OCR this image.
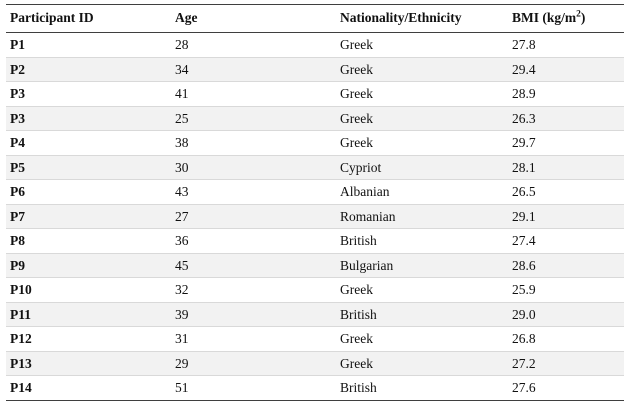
Participant ID	Age	Nationality/Ethnicity	BMI $(kg/m^2)$
P1	28	Greek	27.8
P2	34	Greek	29.4
P3	41	Greek	28.9
P3	25	Greek	26.3
P4	38	Greek	29.7
P5	30	Cypriot	28.1
P6	43	Albanian	26.5
P7	27	Romanian	29.1
P8	36	British	27.4
P9	45	Bulgarian	28.6
P10	32	Greek	25.9
P11	39	British	29.0
P12	31	Greek	26.8
P13	29	Greek	27.2
P14	51	British	27.6
